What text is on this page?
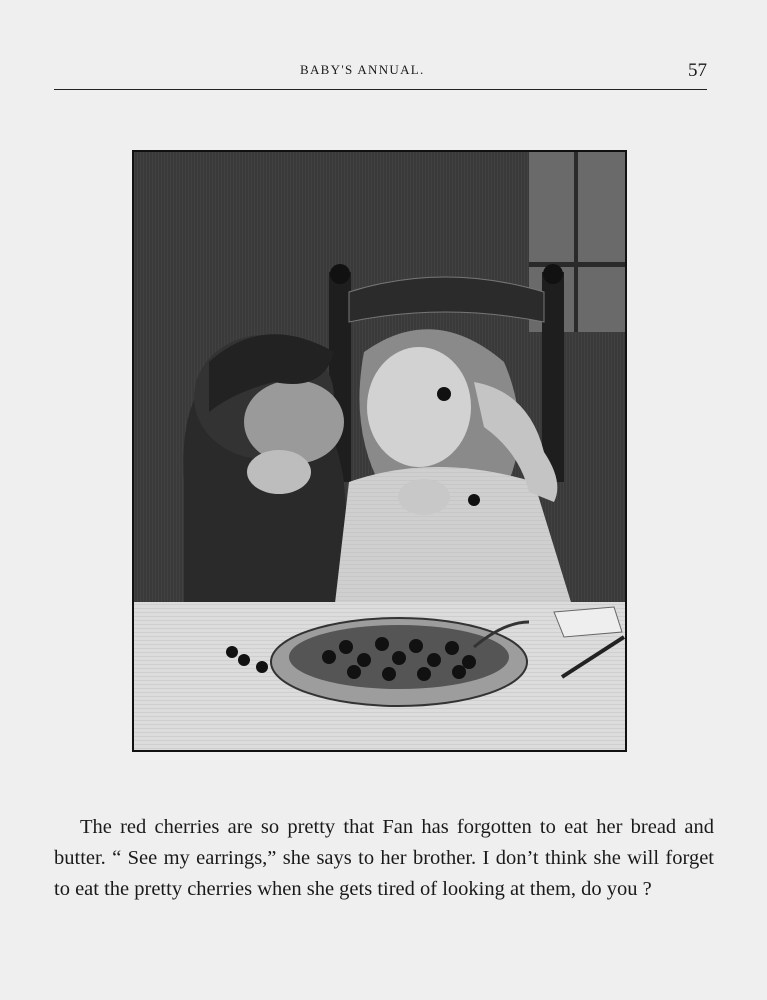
BABY'S ANNUAL.	57

The red cherries are so pretty that Fan has forgotten to eat her bread and butter. “ See my earrings,” she says to her brother. I don’t think she will forget to eat the pretty cherries when she gets tired of looking at them, do you ?
